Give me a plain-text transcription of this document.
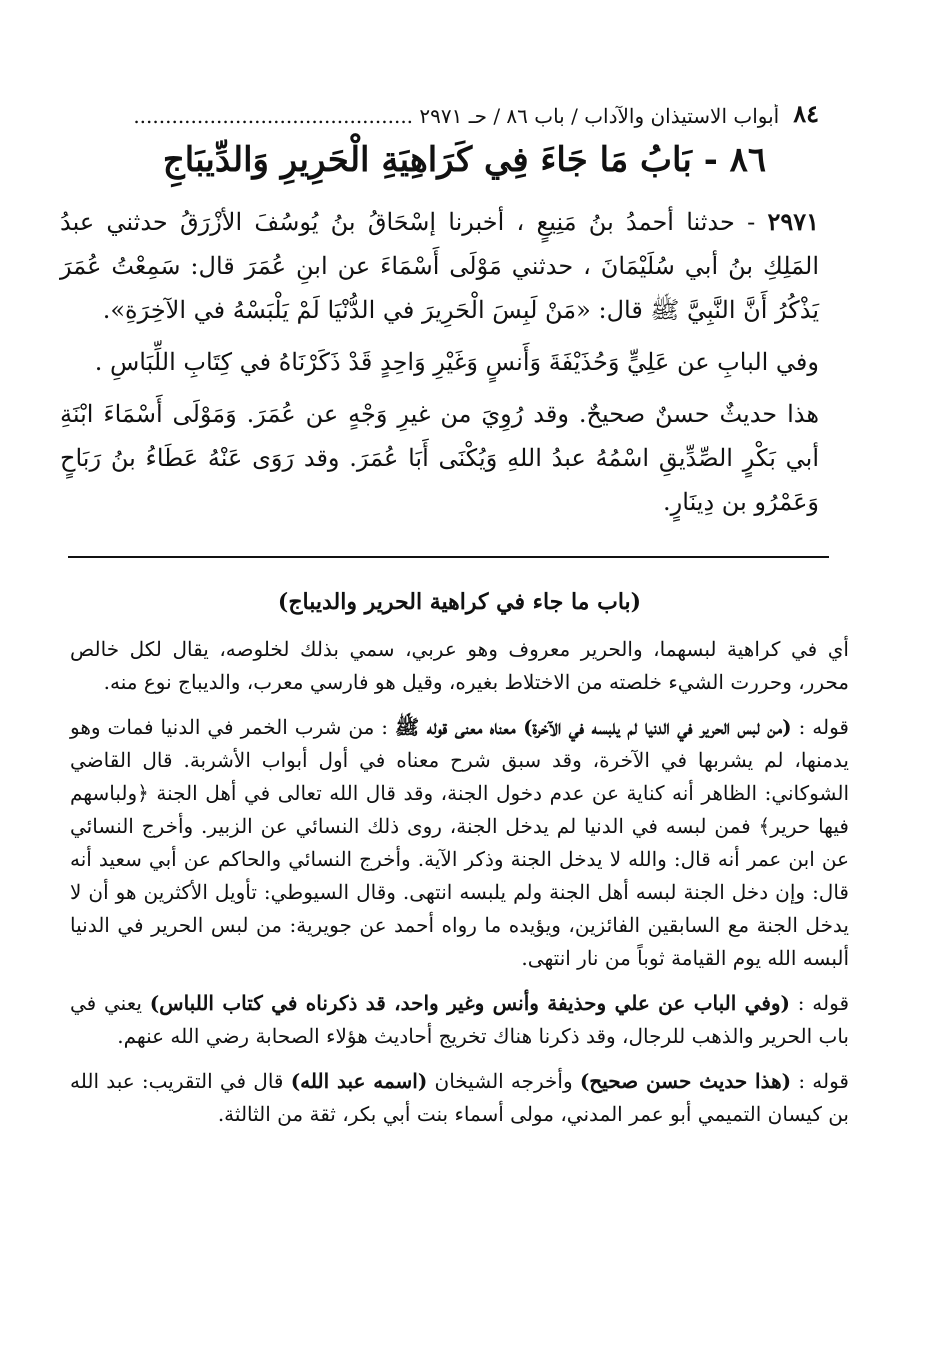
٨٤
أبواب الاستيذان والآداب / باب ٨٦ / حـ ٢٩٧١ ............................................
٨٦ - بَابُ مَا جَاءَ فِي كَرَاهِيَةِ الْحَرِيرِ وَالدِّيبَاجِ

٢٩٧١ - حدثنا أحمدُ بنُ مَنِيعٍ ، أخبرنا إسْحَاقُ بنُ يُوسُفَ الأزْرَقُ حدثني عبدُ المَلِكِ بنُ أبي سُلَيْمَانَ ، حدثني مَوْلَى أَسْمَاءَ عن ابنِ عُمَرَ قال: سَمِعْتُ عُمَرَ يَذْكُرُ أَنَّ النَّبِيَّ ﷺ قال: «مَنْ لَبِسَ الْحَرِيرَ في الدُّنْيَا لَمْ يَلْبَسْهُ في الآخِرَةِ».

وفي البابِ عن عَلِيٍّ وَحُذَيْفَةَ وَأَنسٍ وَغَيْرِ وَاحِدٍ قَدْ ذَكَرْنَاهُ في كِتَابِ اللِّبَاسِ .

هذا حديثٌ حسنٌ صحيحٌ. وقد رُوِيَ من غيرِ وَجْهٍ عن عُمَرَ. وَمَوْلَى أَسْمَاءَ ابْنَةِ أبي بَكْرٍ الصِّدِّيقِ اسْمُهُ عبدُ اللهِ وَيُكْنَى أَبَا عُمَرَ. وقد رَوَى عَنْهُ عَطَاءُ بنُ رَبَاحٍ وَعَمْرُو بن دِينَارٍ.

(باب ما جاء في كراهية الحرير والديباج)

أي في كراهية لبسهما، والحرير معروف وهو عربي، سمي بذلك لخلوصه، يقال لكل خالص محرر، وحررت الشيء خلصته من الاختلاط بغيره، وقيل هو فارسي معرب، والديباج نوع منه.

قوله : (من لبس الحرير في الدنيا لم يلبسه في الآخرة) معناه معنى قوله ﷺ : من شرب الخمر في الدنيا فمات وهو يدمنها، لم يشربها في الآخرة، وقد سبق شرح معناه في أول أبواب الأشربة. قال القاضي الشوكاني: الظاهر أنه كناية عن عدم دخول الجنة، وقد قال الله تعالى في أهل الجنة ﴿ولباسهم فيها حرير﴾ فمن لبسه في الدنيا لم يدخل الجنة، روى ذلك النسائي عن الزبير. وأخرج النسائي عن ابن عمر أنه قال: والله لا يدخل الجنة وذكر الآية. وأخرج النسائي والحاكم عن أبي سعيد أنه قال: وإن دخل الجنة لبسه أهل الجنة ولم يلبسه انتهى. وقال السيوطي: تأويل الأكثرين هو أن لا يدخل الجنة مع السابقين الفائزين، ويؤيده ما رواه أحمد عن جويرية: من لبس الحرير في الدنيا ألبسه الله يوم القيامة ثوباً من نار انتهى.

قوله : (وفي الباب عن علي وحذيفة وأنس وغير واحد، قد ذكرناه في كتاب اللباس) يعني في باب الحرير والذهب للرجال، وقد ذكرنا هناك تخريج أحاديث هؤلاء الصحابة رضي الله عنهم.

قوله : (هذا حديث حسن صحيح) وأخرجه الشيخان (اسمه عبد الله) قال في التقريب: عبد الله بن كيسان التميمي أبو عمر المدني، مولى أسماء بنت أبي بكر، ثقة من الثالثة.
